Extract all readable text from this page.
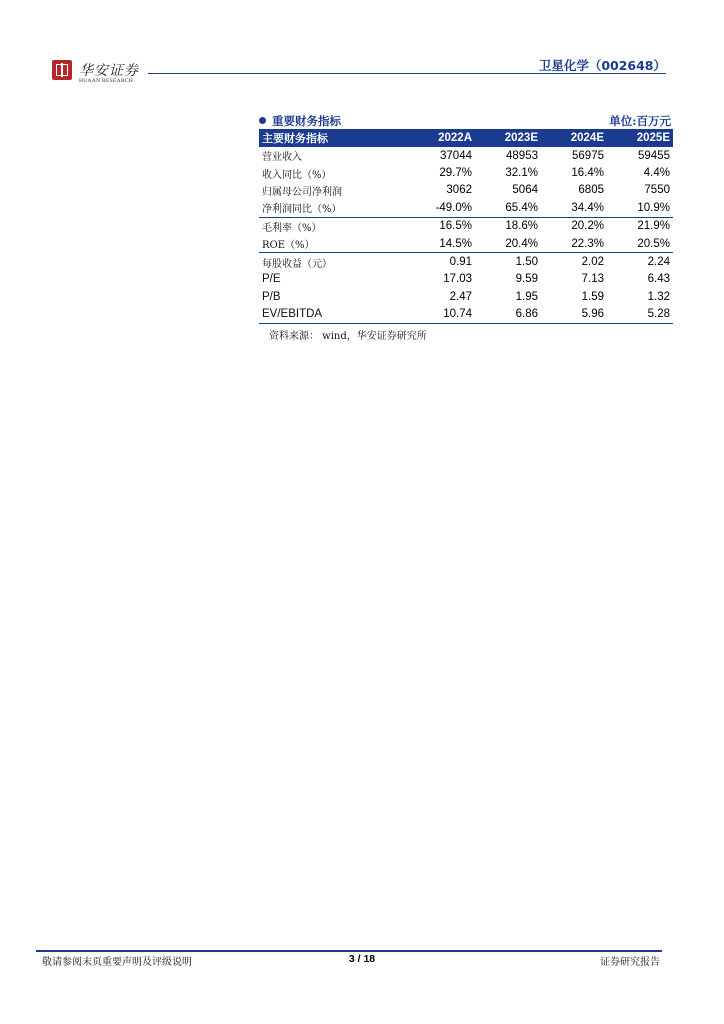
华安证券
HUAAN RESEARCH
卫星化学（002648）
重要财务指标	单位:百万元
主要财务指标	2022A	2023E	2024E	2025E
营业收入	37044	48953	56975	59455
收入同比（%）	29.7%	32.1%	16.4%	4.4%
归属母公司净利润	3062	5064	6805	7550
净利润同比（%）	-49.0%	65.4%	34.4%	10.9%
毛利率（%）	16.5%	18.6%	20.2%	21.9%
ROE（%）	14.5%	20.4%	22.3%	20.5%
每股收益（元）	0.91	1.50	2.02	2.24
P/E	17.03	9.59	7.13	6.43
P/B	2.47	1.95	1.59	1.32
EV/EBITDA	10.74	6.86	5.96	5.28
资料来源： wind，华安证券研究所
敬请参阅末页重要声明及评级说明	3 / 18	证券研究报告
